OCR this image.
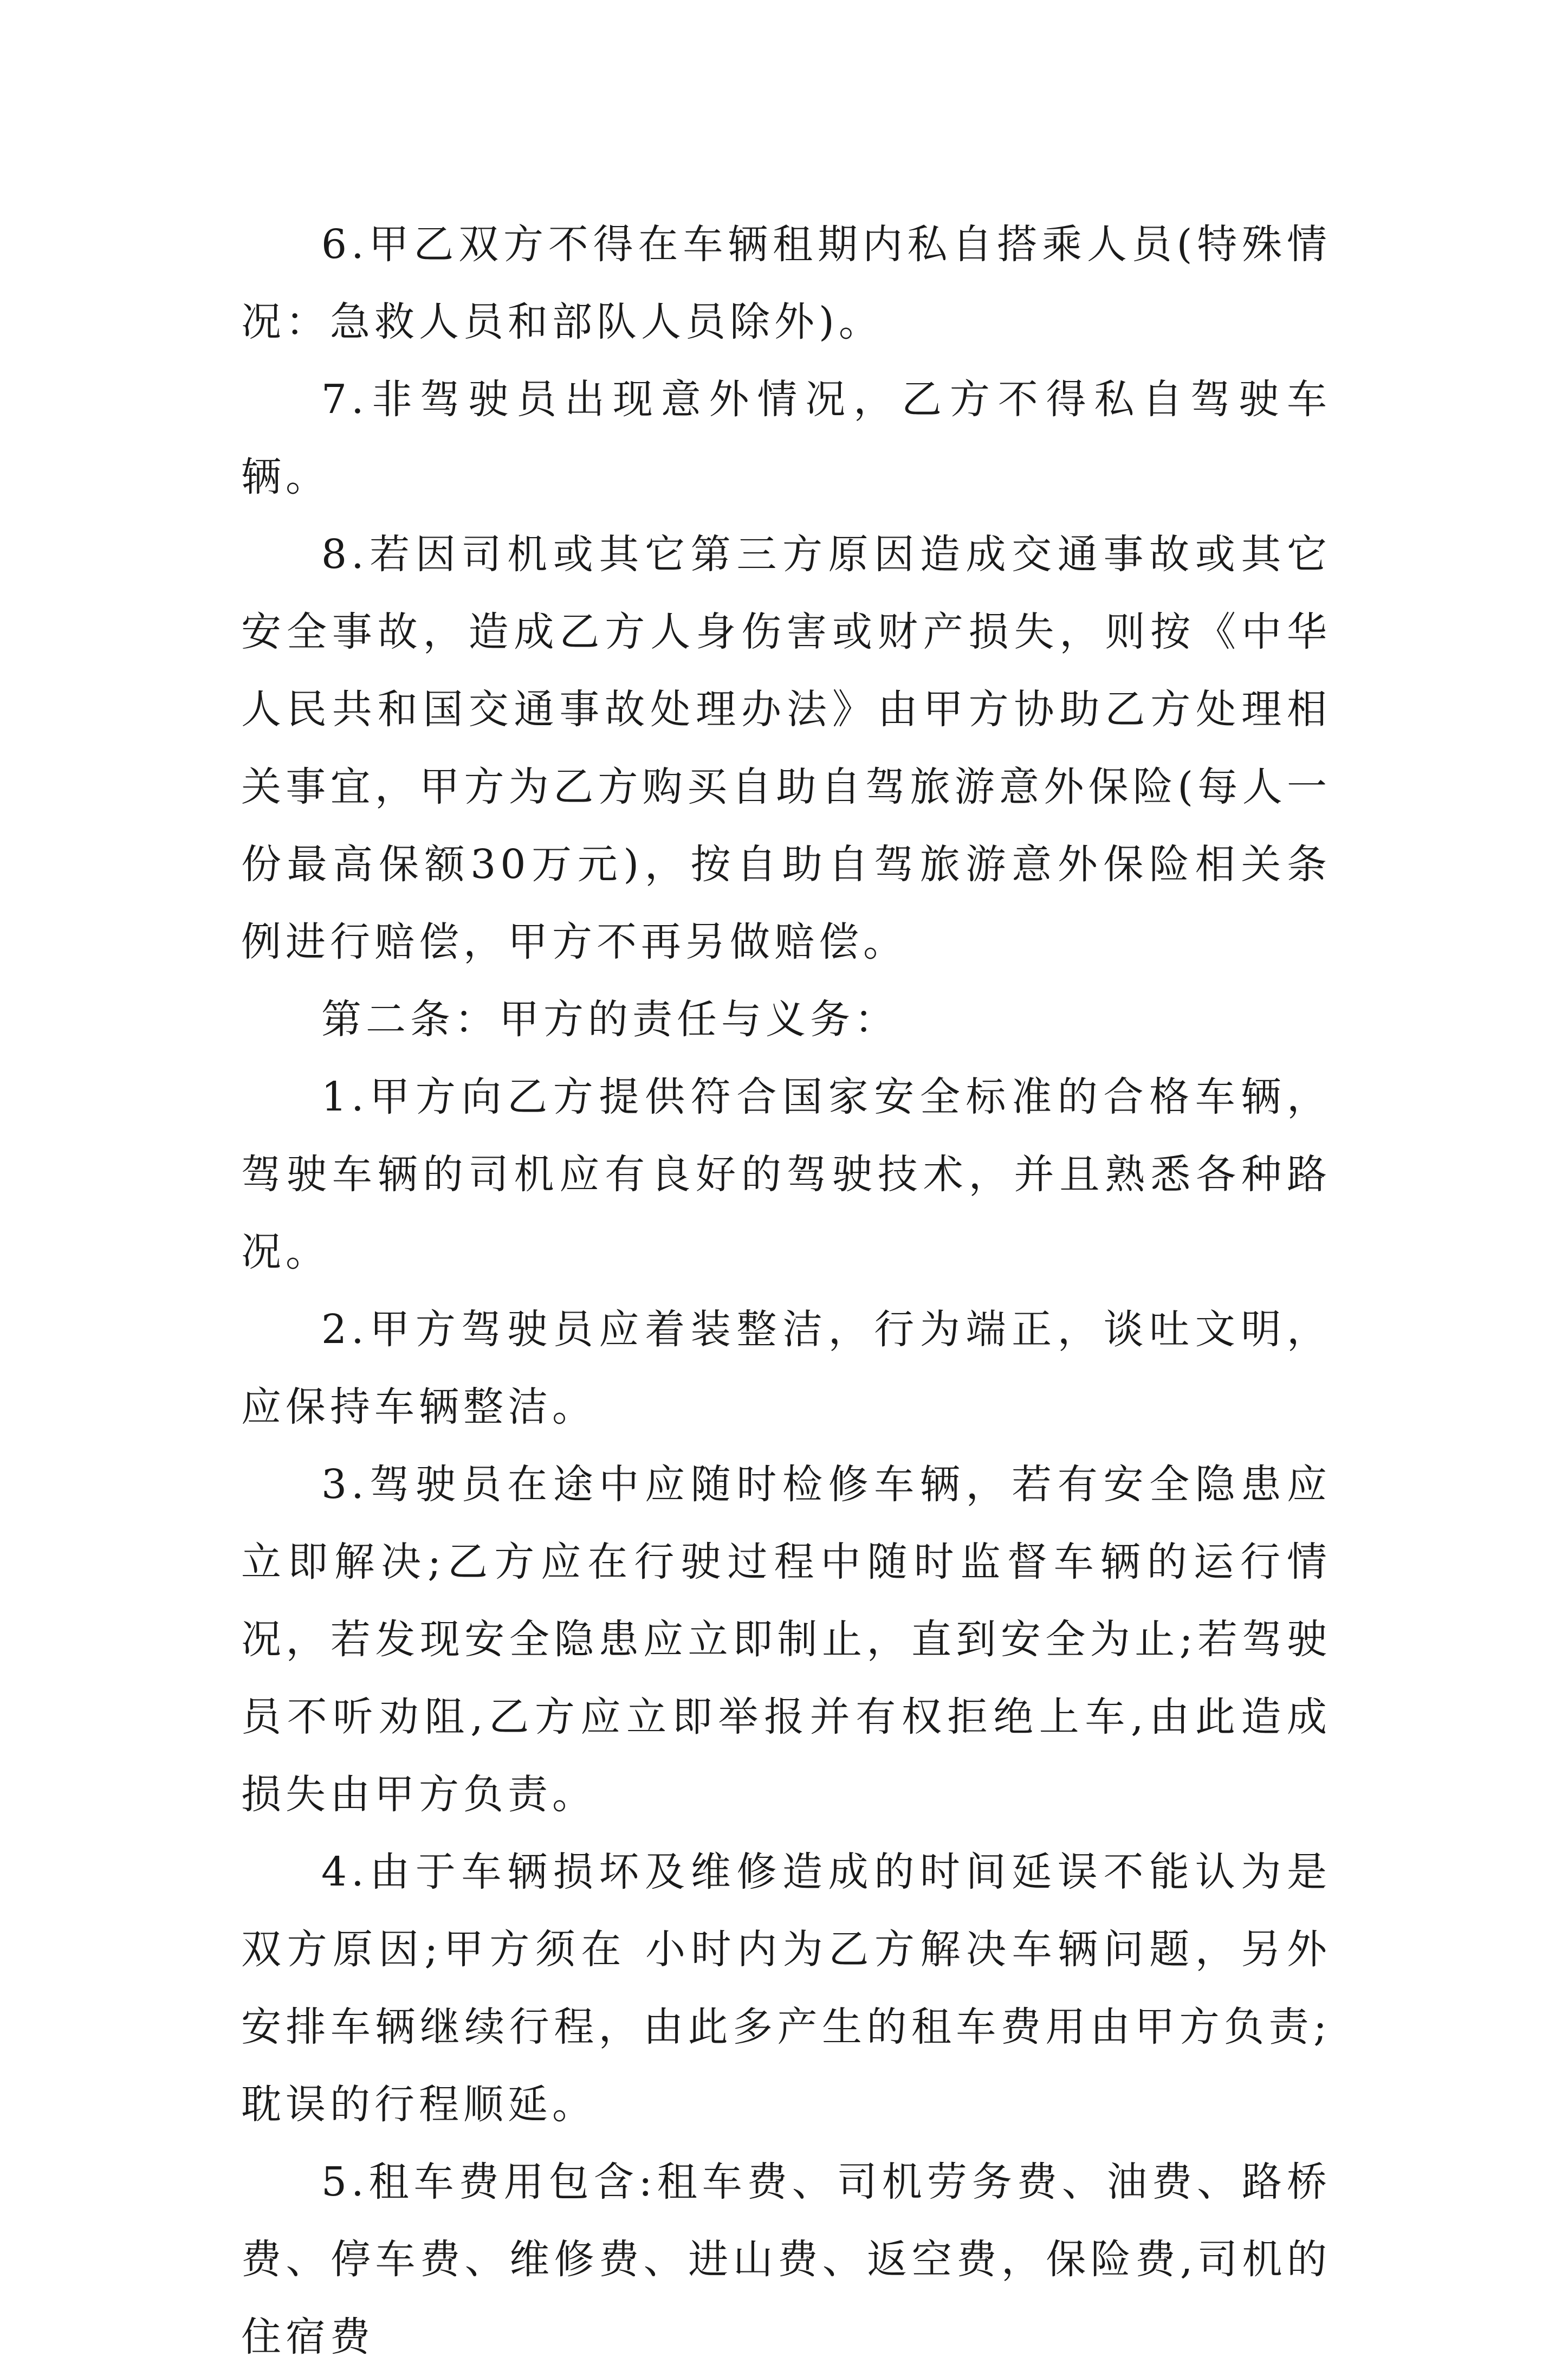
6.甲乙双方不得在车辆租期内私自搭乘人员(特殊情况：急救人员和部队人员除外)。

7.非驾驶员出现意外情况，乙方不得私自驾驶车辆。

8.若因司机或其它第三方原因造成交通事故或其它安全事故，造成乙方人身伤害或财产损失，则按《中华人民共和国交通事故处理办法》由甲方协助乙方处理相关事宜，甲方为乙方购买自助自驾旅游意外保险(每人一份最高保额30万元)，按自助自驾旅游意外保险相关条例进行赔偿，甲方不再另做赔偿。

第二条：甲方的责任与义务：

1.甲方向乙方提供符合国家安全标准的合格车辆，驾驶车辆的司机应有良好的驾驶技术，并且熟悉各种路况。

2.甲方驾驶员应着装整洁，行为端正，谈吐文明，应保持车辆整洁。

3.驾驶员在途中应随时检修车辆，若有安全隐患应立即解决;乙方应在行驶过程中随时监督车辆的运行情况，若发现安全隐患应立即制止，直到安全为止;若驾驶员不听劝阻,乙方应立即举报并有权拒绝上车,由此造成损失由甲方负责。

4.由于车辆损坏及维修造成的时间延误不能认为是双方原因;甲方须在 小时内为乙方解决车辆问题，另外安排车辆继续行程，由此多产生的租车费用由甲方负责;耽误的行程顺延。

5.租车费用包含:租车费、司机劳务费、油费、路桥费、停车费、维修费、进山费、返空费，保险费,司机的住宿费
